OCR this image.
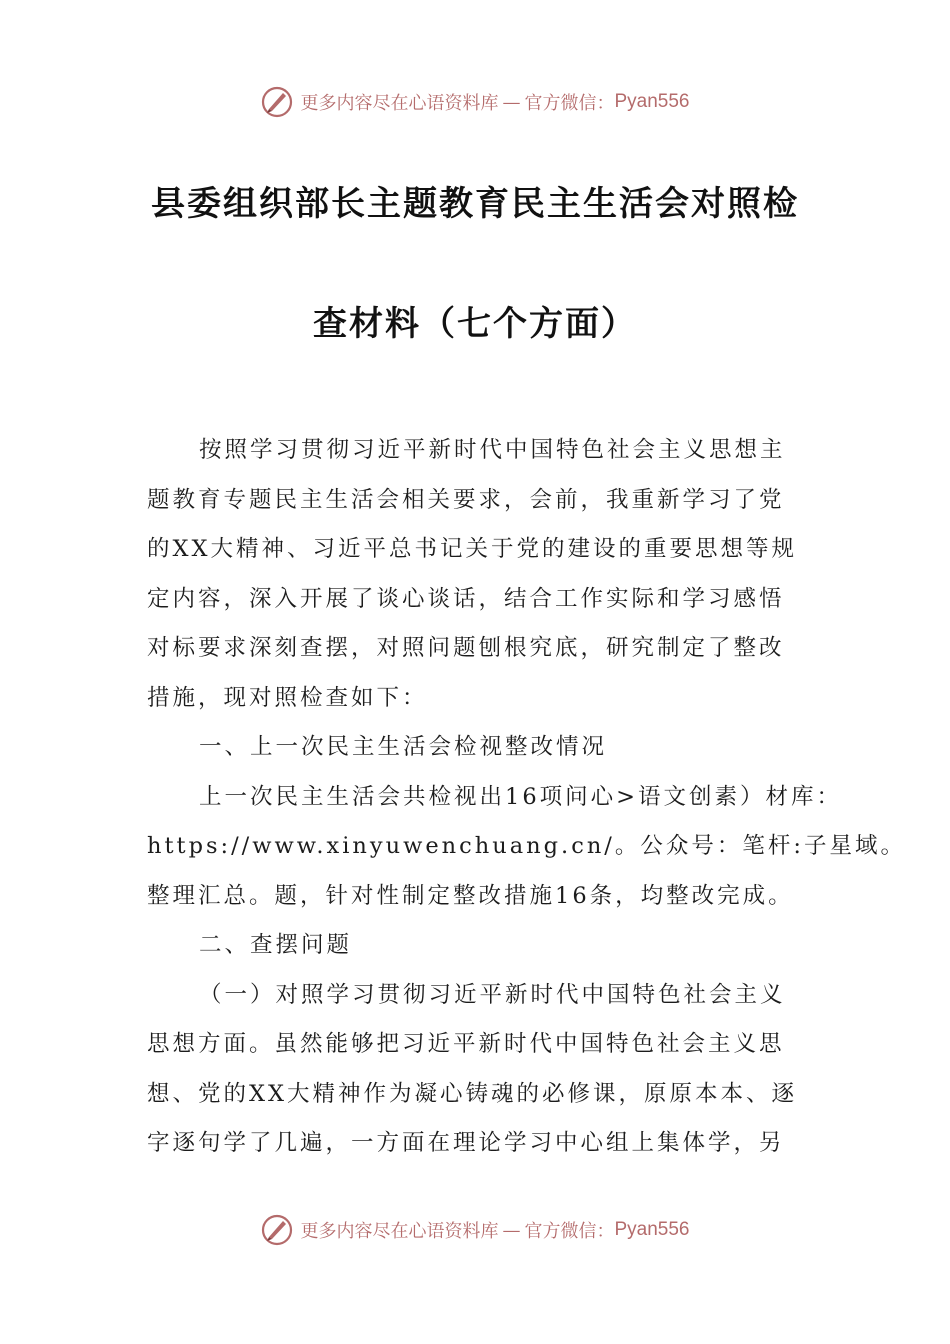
更多内容尽在心语资料库 — 官方微信： Pyan556
县委组织部长主题教育民主生活会对照检
查材料（七个方面）
按照学习贯彻习近平新时代中国特色社会主义思想主
题教育专题民主生活会相关要求，会前，我重新学习了党
的XX大精神、习近平总书记关于党的建设的重要思想等规
定内容，深入开展了谈心谈话，结合工作实际和学习感悟
对标要求深刻查摆，对照问题刨根究底，研究制定了整改
措施，现对照检查如下：
一、上一次民主生活会检视整改情况
上一次民主生活会共检视出16项问心>语文创素）材库：
https://www.xinyuwenchuang.cn/。公众号：笔杆:子星域。
整理汇总。题，针对性制定整改措施16条，均整改完成。
二、查摆问题
（一）对照学习贯彻习近平新时代中国特色社会主义
思想方面。虽然能够把习近平新时代中国特色社会主义思
想、党的XX大精神作为凝心铸魂的必修课，原原本本、逐
字逐句学了几遍，一方面在理论学习中心组上集体学，另
更多内容尽在心语资料库 — 官方微信： Pyan556
